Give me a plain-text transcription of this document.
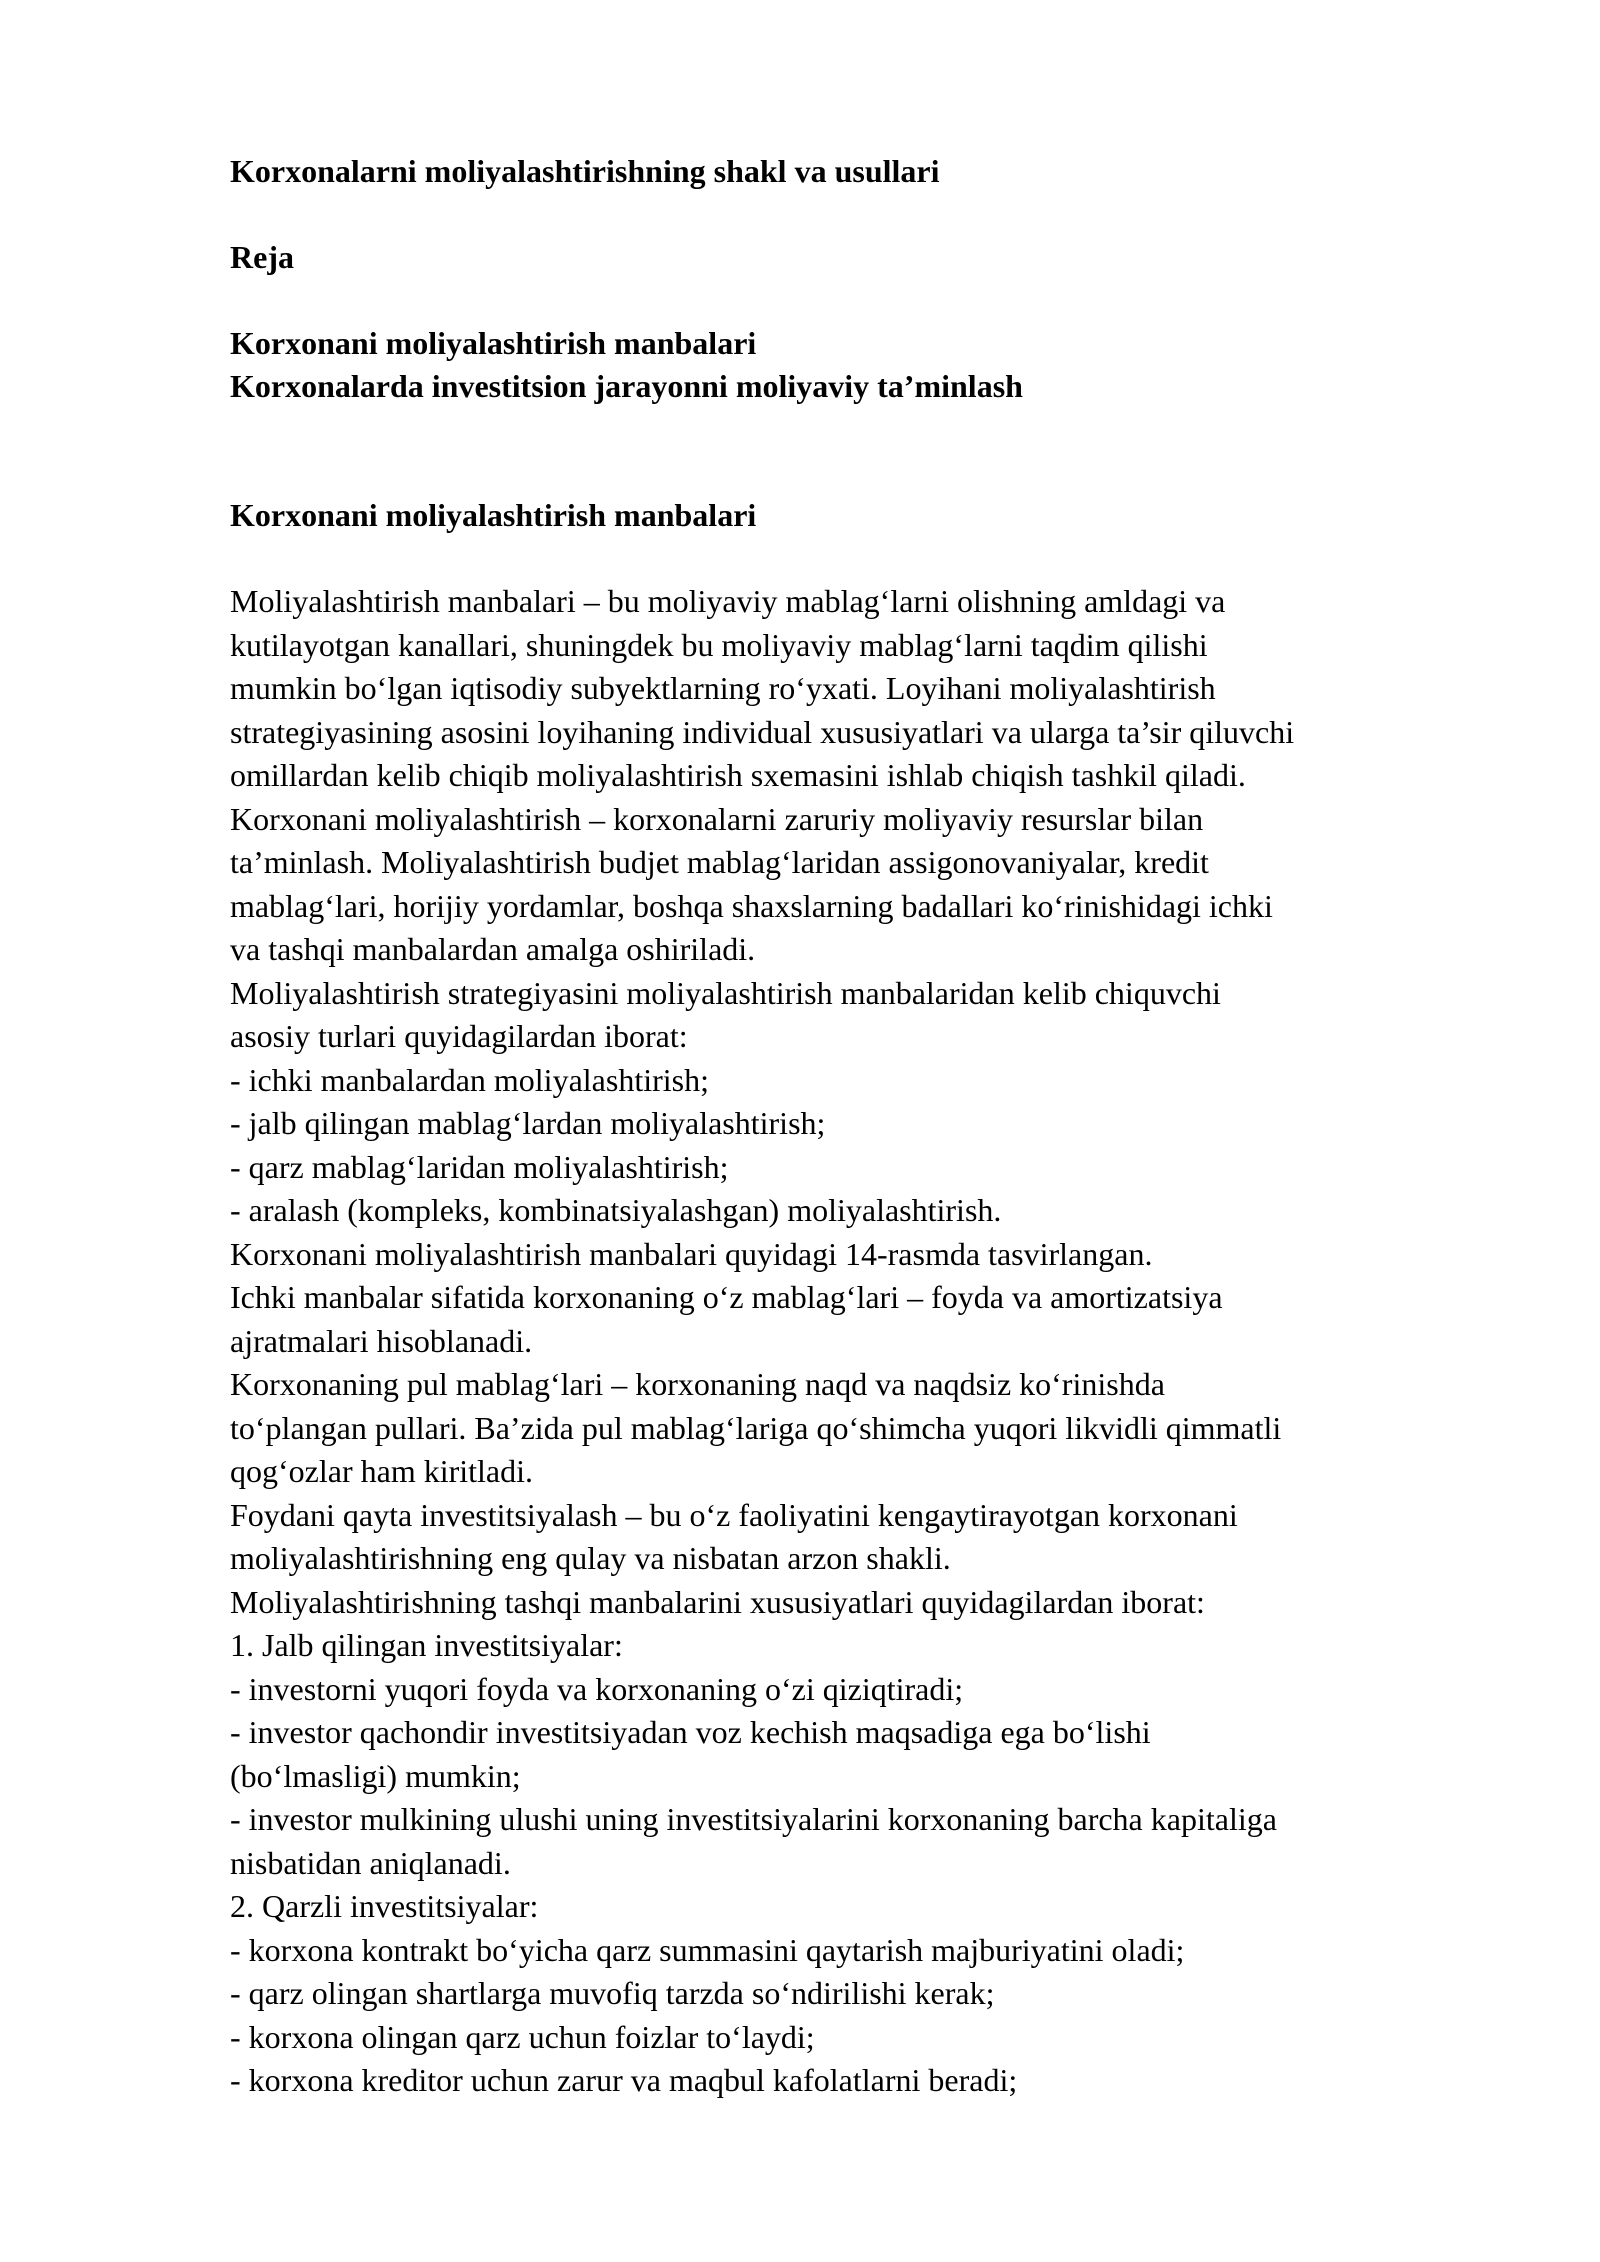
Korxonalarni moliyalashtirishning shakl va usullari

Reja

Korxonani moliyalashtirish manbalari

Korxonalarda investitsion jarayonni moliyaviy ta’minlash

Korxonani moliyalashtirish manbalari

Moliyalashtirish manbalari – bu moliyaviy mablag‘larni olishning amldagi va
kutilayotgan kanallari, shuningdek bu moliyaviy mablag‘larni taqdim qilishi
mumkin bo‘lgan iqtisodiy subyektlarning ro‘yxati. Loyihani moliyalashtirish
strategiyasining asosini loyihaning individual xususiyatlari va ularga ta’sir qiluvchi
omillardan kelib chiqib moliyalashtirish sxemasini ishlab chiqish tashkil qiladi.
Korxonani moliyalashtirish – korxonalarni zaruriy moliyaviy resurslar bilan
ta’minlash. Moliyalashtirish budjet mablag‘laridan assigonovaniyalar, kredit
mablag‘lari, horijiy yordamlar, boshqa shaxslarning badallari ko‘rinishidagi ichki
va tashqi manbalardan amalga oshiriladi.
Moliyalashtirish strategiyasini moliyalashtirish manbalaridan kelib chiquvchi
asosiy turlari quyidagilardan iborat:
- ichki manbalardan moliyalashtirish;
- jalb qilingan mablag‘lardan moliyalashtirish;
- qarz mablag‘laridan moliyalashtirish;
- aralash (kompleks, kombinatsiyalashgan) moliyalashtirish.
Korxonani moliyalashtirish manbalari quyidagi 14-rasmda tasvirlangan.
Ichki manbalar sifatida korxonaning o‘z mablag‘lari – foyda va amortizatsiya
ajratmalari hisoblanadi.
Korxonaning pul mablag‘lari – korxonaning naqd va naqdsiz ko‘rinishda
to‘plangan pullari. Ba’zida pul mablag‘lariga qo‘shimcha yuqori likvidli qimmatli
qog‘ozlar ham kiritladi.
Foydani qayta investitsiyalash – bu o‘z faoliyatini kengaytirayotgan korxonani
moliyalashtirishning eng qulay va nisbatan arzon shakli.
Moliyalashtirishning tashqi manbalarini xususiyatlari quyidagilardan iborat:
1. Jalb qilingan investitsiyalar:
- investorni yuqori foyda va korxonaning o‘zi qiziqtiradi;
- investor qachondir investitsiyadan voz kechish maqsadiga ega bo‘lishi
(bo‘lmasligi) mumkin;
- investor mulkining ulushi uning investitsiyalarini korxonaning barcha kapitaliga
nisbatidan aniqlanadi.
2. Qarzli investitsiyalar:
- korxona kontrakt bo‘yicha qarz summasini qaytarish majburiyatini oladi;
- qarz olingan shartlarga muvofiq tarzda so‘ndirilishi kerak;
- korxona olingan qarz uchun foizlar to‘laydi;
- korxona kreditor uchun zarur va maqbul kafolatlarni beradi;
